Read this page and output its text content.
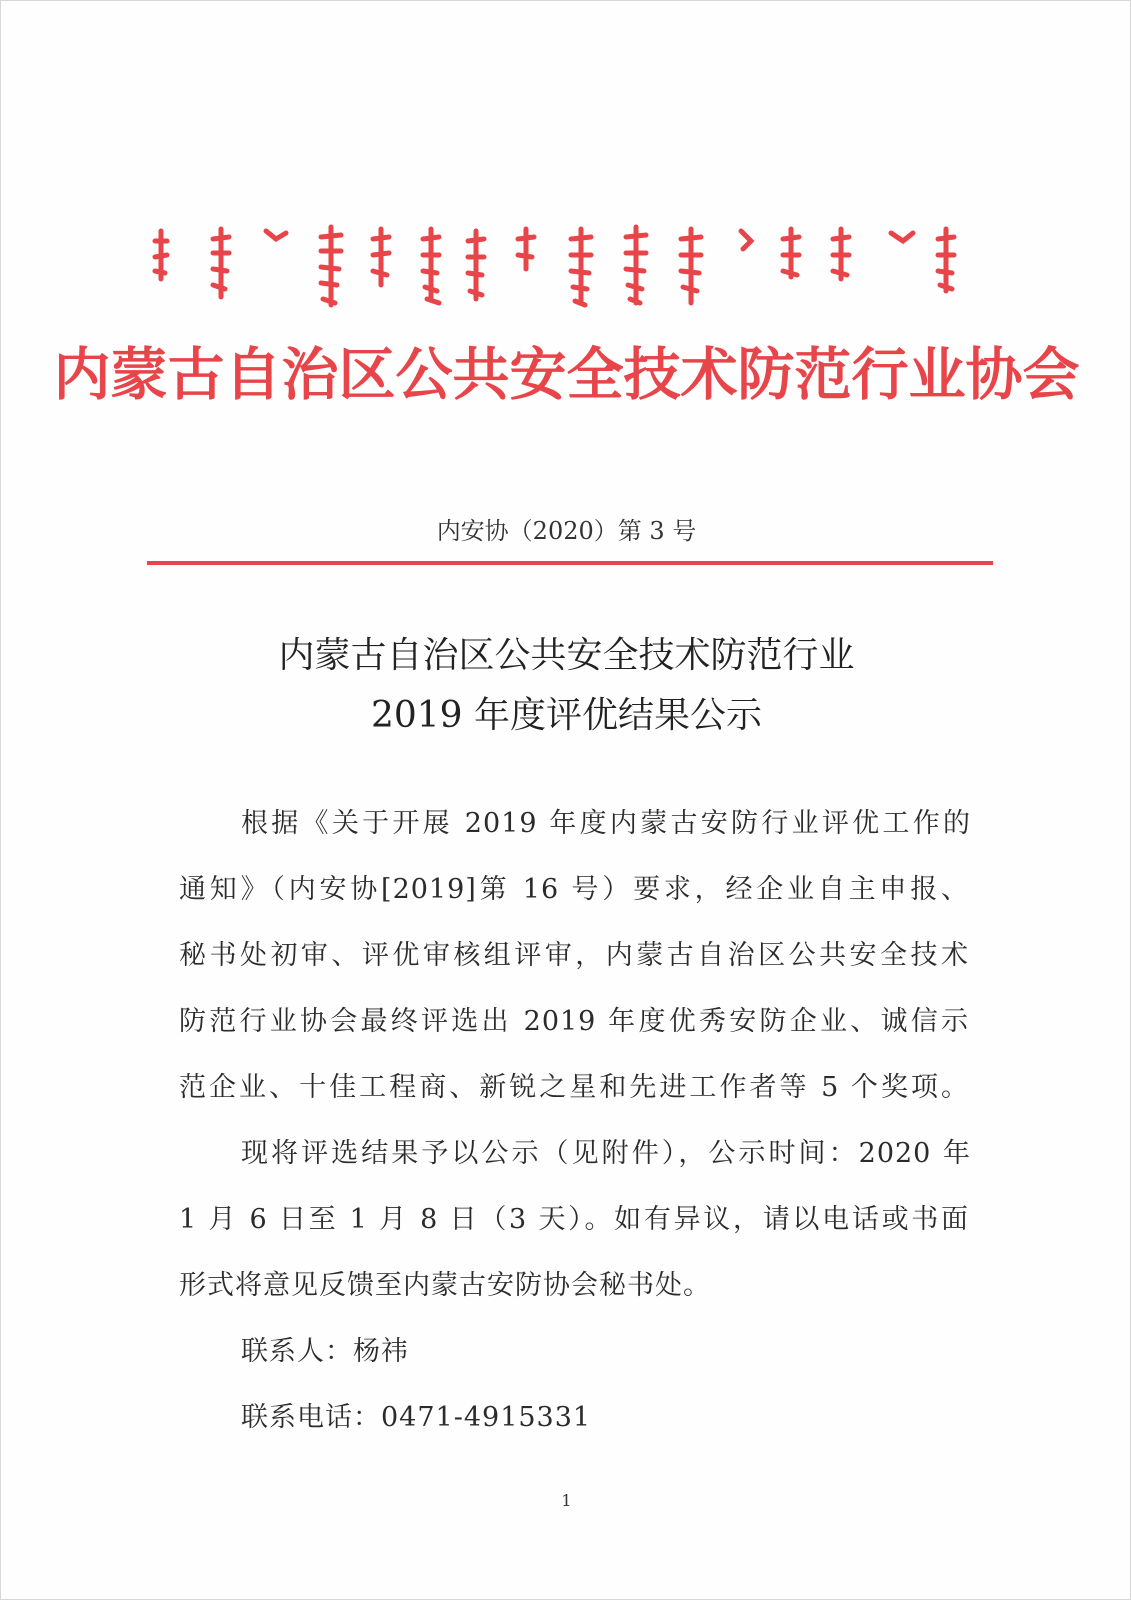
内蒙古自治区公共安全技术防范行业协会
内安协（2020）第 3 号
内蒙古自治区公共安全技术防范行业
2019 年度评优结果公示
根据《关于开展 2019 年度内蒙古安防行业评优工作的
通知》（内安协[2019]第 16 号）要求，经企业自主申报、
秘书处初审、评优审核组评审，内蒙古自治区公共安全技术
防范行业协会最终评选出 2019 年度优秀安防企业、诚信示
范企业、十佳工程商、新锐之星和先进工作者等 5 个奖项。
现将评选结果予以公示（见附件），公示时间：2020 年
1 月 6 日至 1 月 8 日（3 天）。如有异议，请以电话或书面
形式将意见反馈至内蒙古安防协会秘书处。
联系人：杨祎
联系电话：0471-4915331
1
